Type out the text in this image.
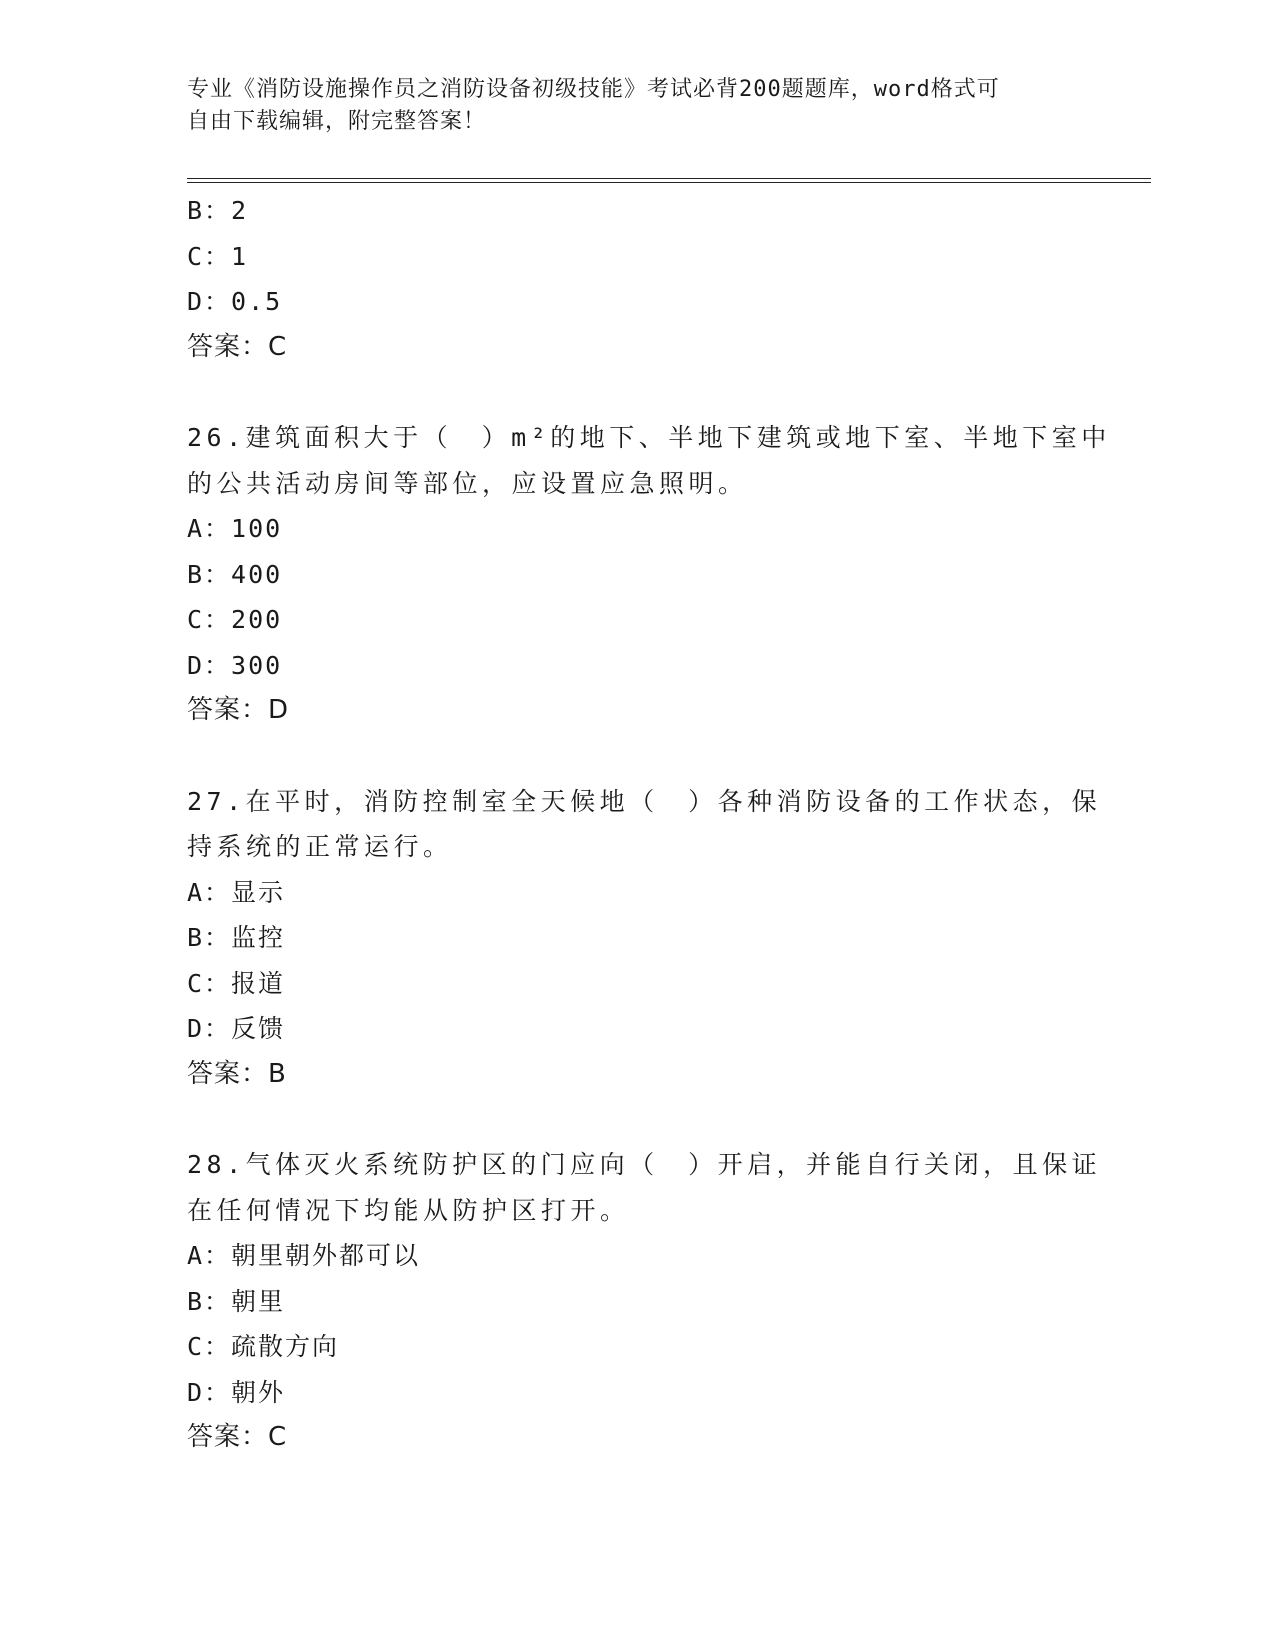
专业《消防设施操作员之消防设备初级技能》考试必背200题题库，word格式可
自由下载编辑，附完整答案！
B：2
C：1
D：0.5
答案：C
26.建筑面积大于（　）m²的地下、半地下建筑或地下室、半地下室中
的公共活动房间等部位，应设置应急照明。
A：100
B：400
C：200
D：300
答案：D
27.在平时，消防控制室全天候地（　）各种消防设备的工作状态，保
持系统的正常运行。
A：显示
B：监控
C：报道
D：反馈
答案：B
28.气体灭火系统防护区的门应向（　）开启，并能自行关闭，且保证
在任何情况下均能从防护区打开。
A：朝里朝外都可以
B：朝里
C：疏散方向
D：朝外
答案：C
